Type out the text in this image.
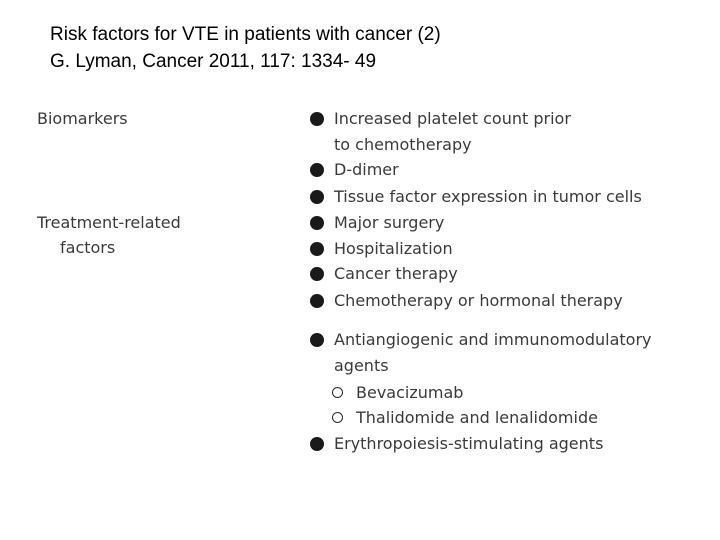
Risk factors for VTE in patients with cancer (2)
G. Lyman, Cancer 2011, 117: 1334- 49
Biomarkers
Treatment-related
factors
Increased platelet count prior
to chemotherapy
D-dimer
Tissue factor expression in tumor cells
Major surgery
Hospitalization
Cancer therapy
Chemotherapy or hormonal therapy
Antiangiogenic and immunomodulatory
agents
Bevacizumab
Thalidomide and lenalidomide
Erythropoiesis-stimulating agents
